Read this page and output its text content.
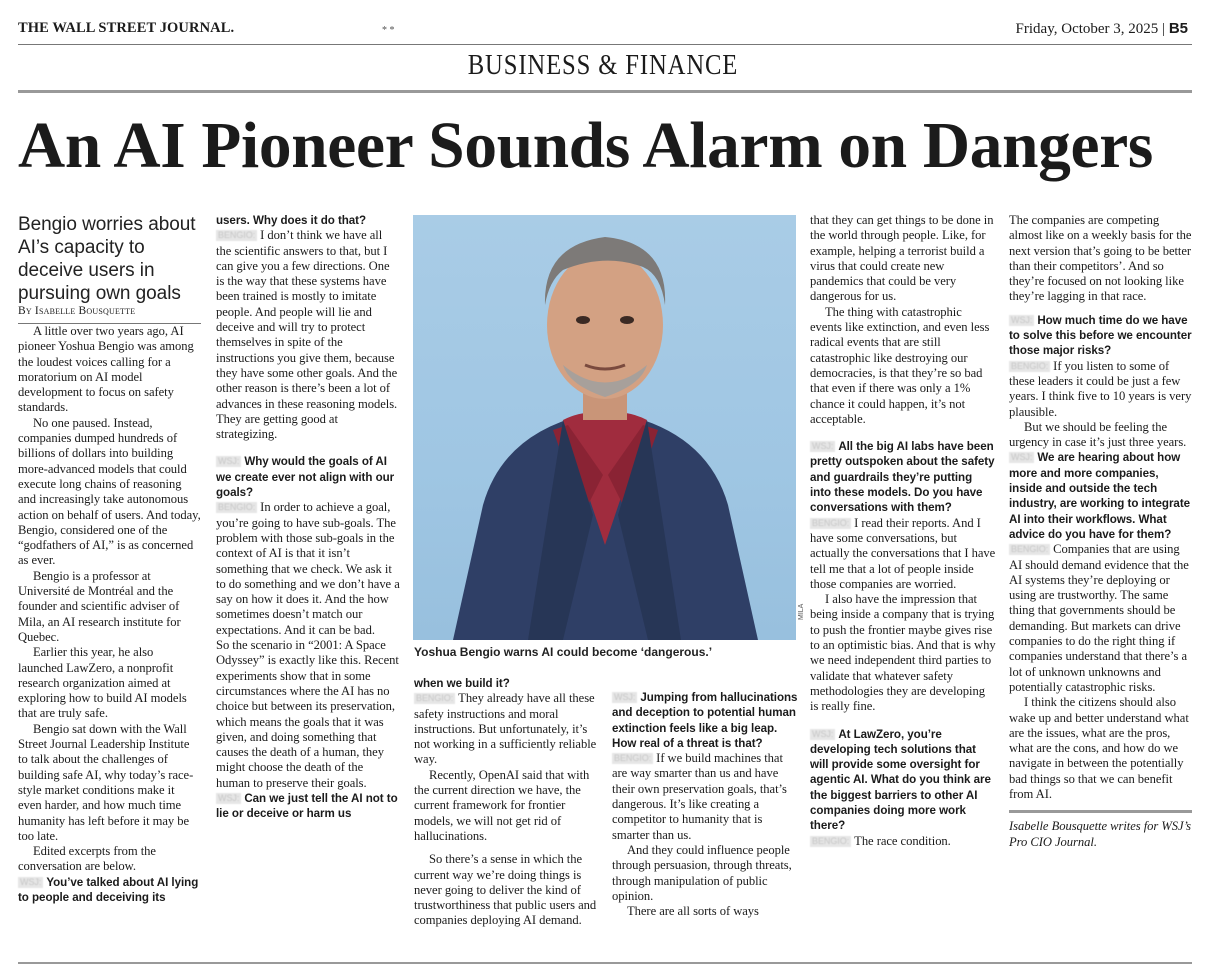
THE WALL STREET JOURNAL.	* *	Friday, October 3, 2025 | B5
BUSINESS & FINANCE
An AI Pioneer Sounds Alarm on Dangers

Bengio worries about AI’s capacity to deceive users in pursuing own goals

By Isabelle Bousquette

A little over two years ago, AI pioneer Yoshua Bengio was among the loudest voices calling for a moratorium on AI model development to focus on safety standards.

No one paused. Instead, companies dumped hundreds of billions of dollars into building more-advanced models that could execute long chains of reasoning and increasingly take autonomous action on behalf of users. And today, Bengio, considered one of the “godfathers of AI,” is as concerned as ever.

Bengio is a professor at Université de Montréal and the founder and scientific adviser of Mila, an AI research institute for Quebec.

Earlier this year, he also launched LawZero, a nonprofit research organization aimed at exploring how to build AI models that are truly safe.

Bengio sat down with the Wall Street Journal Leadership Institute to talk about the challenges of building safe AI, why today’s race-style market conditions make it even harder, and how much time humanity has left before it may be too late.

Edited excerpts from the conversation are below.

WSJ: You’ve talked about AI lying to people and deceiving its

users. Why does it do that?

BENGIO: I don’t think we have all the scientific answers to that, but I can give you a few directions. One is the way that these systems have been trained is mostly to imitate people. And people will lie and deceive and will try to protect themselves in spite of the instructions you give them, because they have some other goals. And the other reason is there’s been a lot of advances in these reasoning models. They are getting good at strategizing.

WSJ: Why would the goals of AI we create ever not align with our goals?

BENGIO: In order to achieve a goal, you’re going to have sub-goals. The problem with those sub-goals in the context of AI is that it isn’t something that we check. We ask it to do something and we don’t have a say on how it does it. And the how sometimes doesn’t match our expectations. And it can be bad.

So the scenario in “2001: A Space Odyssey” is exactly like this. Recent experiments show that in some circumstances where the AI has no choice but between its preservation, which means the goals that it was given, and doing something that causes the death of a human, they might choose the death of the human to preserve their goals.

WSJ: Can we just tell the AI not to lie or deceive or harm us

MILA
Yoshua Bengio warns AI could become ‘dangerous.’

when we build it?

BENGIO: They already have all these safety instructions and moral instructions. But unfortunately, it’s not working in a sufficiently reliable way.

Recently, OpenAI said that with the current direction we have, the current framework for frontier models, we will not get rid of hallucinations.

So there’s a sense in which the current way we’re doing things is never going to deliver the kind of trustworthiness that public users and companies deploying AI demand.

WSJ: Jumping from hallucinations and deception to potential human extinction feels like a big leap. How real of a threat is that?

BENGIO: If we build machines that are way smarter than us and have their own preservation goals, that’s dangerous. It’s like creating a competitor to humanity that is smarter than us.

And they could influence people through persuasion, through threats, through manipulation of public opinion.

There are all sorts of ways

that they can get things to be done in the world through people. Like, for example, helping a terrorist build a virus that could create new pandemics that could be very dangerous for us.

The thing with catastrophic events like extinction, and even less radical events that are still catastrophic like destroying our democracies, is that they’re so bad that even if there was only a 1% chance it could happen, it’s not acceptable.

WSJ: All the big AI labs have been pretty outspoken about the safety and guardrails they’re putting into these models. Do you have conversations with them?

BENGIO: I read their reports. And I have some conversations, but actually the conversations that I have tell me that a lot of people inside those companies are worried.

I also have the impression that being inside a company that is trying to push the frontier maybe gives rise to an optimistic bias. And that is why we need independent third parties to validate that whatever safety methodologies they are developing is really fine.

WSJ: At LawZero, you’re developing tech solutions that will provide some oversight for agentic AI. What do you think are the biggest barriers to other AI companies doing more work there?

BENGIO: The race condition.

The companies are competing almost like on a weekly basis for the next version that’s going to be better than their competitors’. And so they’re focused on not looking like they’re lagging in that race.

WSJ: How much time do we have to solve this before we encounter those major risks?

BENGIO: If you listen to some of these leaders it could be just a few years. I think five to 10 years is very plausible.

But we should be feeling the urgency in case it’s just three years.

WSJ: We are hearing about how more and more companies, inside and outside the tech industry, are working to integrate AI into their workflows. What advice do you have for them?

BENGIO: Companies that are using AI should demand evidence that the AI systems they’re deploying or using are trustworthy. The same thing that governments should be demanding. But markets can drive companies to do the right thing if companies understand that there’s a lot of unknown unknowns and potentially catastrophic risks.

I think the citizens should also wake up and better understand what are the issues, what are the pros, what are the cons, and how do we navigate in between the potentially bad things so that we can benefit from AI.

Isabelle Bousquette writes for WSJ’s Pro CIO Journal.
